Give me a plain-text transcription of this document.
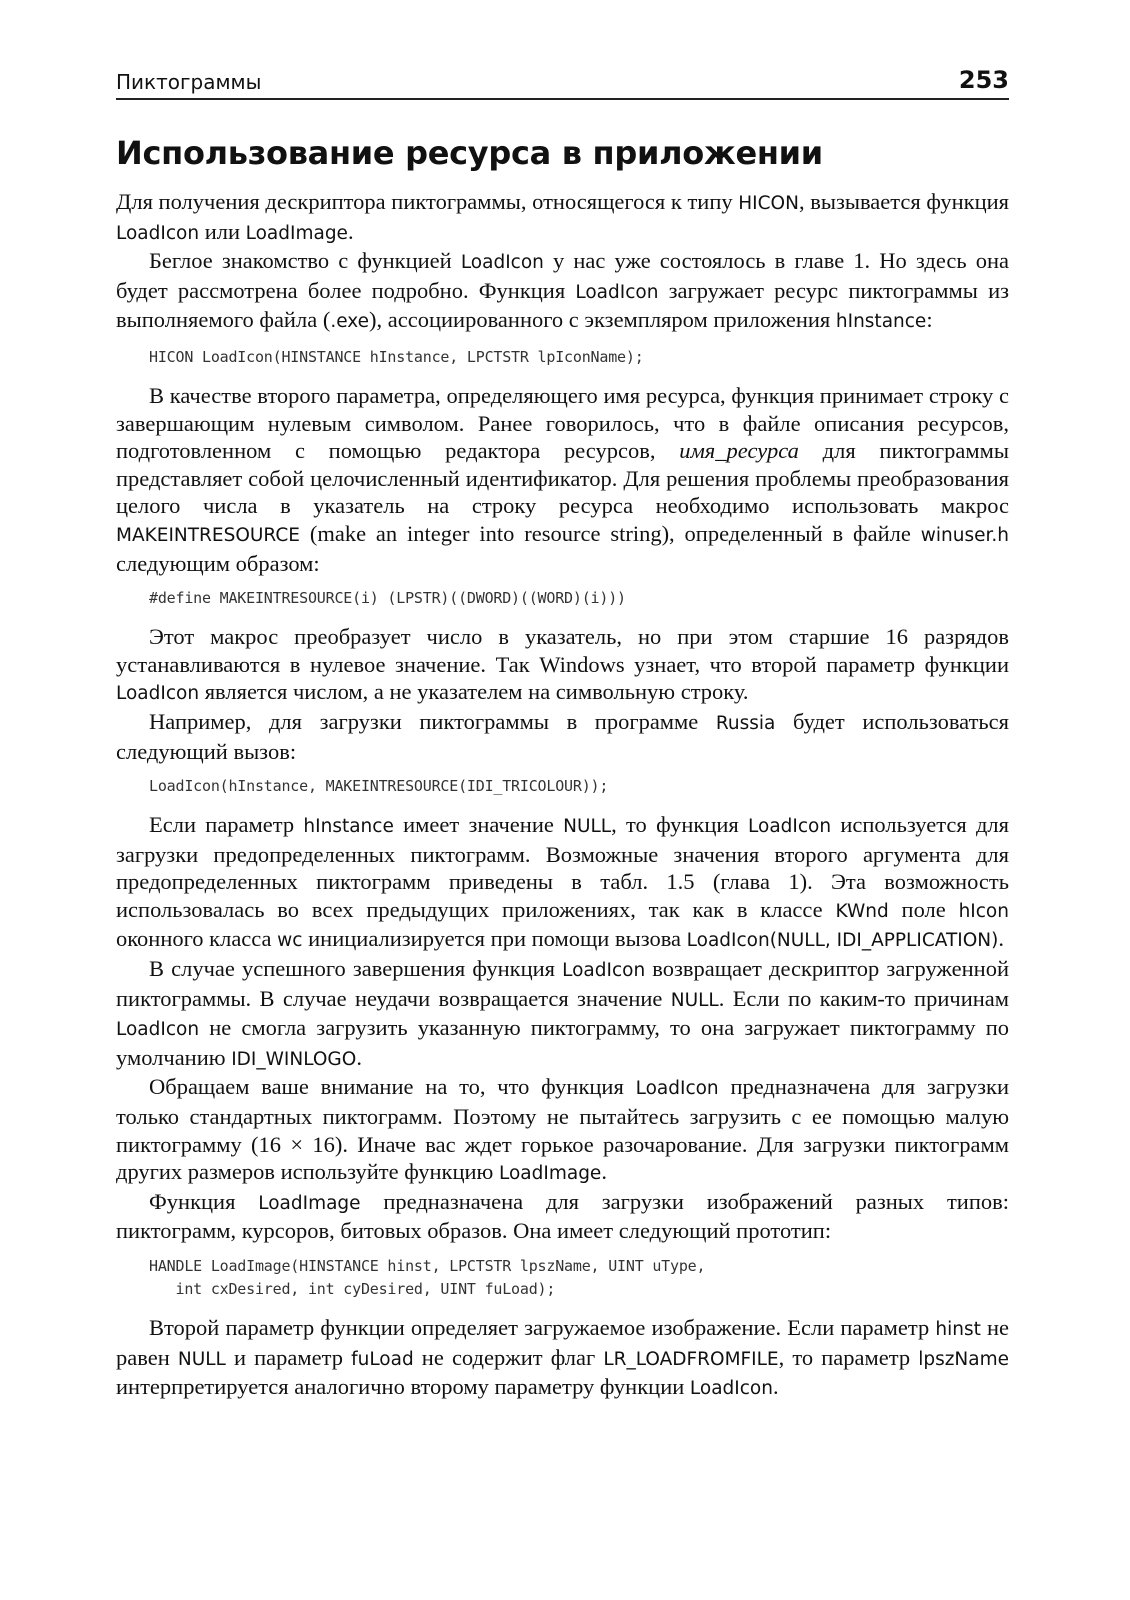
Пиктограммы	253
Использование ресурса в приложении

Для получения дескриптора пиктограммы, относящегося к типу HICON, вызывается функция LoadIcon или LoadImage.

Беглое знакомство с функцией LoadIcon у нас уже состоялось в главе 1. Но здесь она будет рассмотрена более подробно. Функция LoadIcon загружает ресурс пиктограммы из выполняемого файла (.exe), ассоциированного с экземпляром приложения hInstance:

HICON LoadIcon(HINSTANCE hInstance, LPCTSTR lpIconName);

В качестве второго параметра, определяющего имя ресурса, функция принимает строку с завершающим нулевым символом. Ранее говорилось, что в файле описания ресурсов, подготовленном с помощью редактора ресурсов, имя_ресурса для пиктограммы представляет собой целочисленный идентификатор. Для решения проблемы преобразования целого числа в указатель на строку ресурса необходимо использовать макрос MAKEINTRESOURCE (make an integer into resource string), определенный в файле winuser.h следующим образом:

#define MAKEINTRESOURCE(i) (LPSTR)((DWORD)((WORD)(i)))

Этот макрос преобразует число в указатель, но при этом старшие 16 разрядов устанавливаются в нулевое значение. Так Windows узнает, что второй параметр функции LoadIcon является числом, а не указателем на символьную строку.

Например, для загрузки пиктограммы в программе Russia будет использоваться следующий вызов:

LoadIcon(hInstance, MAKEINTRESOURCE(IDI_TRICOLOUR));

Если параметр hInstance имеет значение NULL, то функция LoadIcon используется для загрузки предопределенных пиктограмм. Возможные значения второго аргумента для предопределенных пиктограмм приведены в табл. 1.5 (глава 1). Эта возможность использовалась во всех предыдущих приложениях, так как в классе KWnd поле hIcon оконного класса wc инициализируется при помощи вызова LoadIcon(NULL, IDI_APPLICATION).

В случае успешного завершения функция LoadIcon возвращает дескриптор загруженной пиктограммы. В случае неудачи возвращается значение NULL. Если по каким-то причинам LoadIcon не смогла загрузить указанную пиктограмму, то она загружает пиктограмму по умолчанию IDI_WINLOGO.

Обращаем ваше внимание на то, что функция LoadIcon предназначена для загрузки только стандартных пиктограмм. Поэтому не пытайтесь загрузить с ее помощью малую пиктограмму (16 × 16). Иначе вас ждет горькое разочарование. Для загрузки пиктограмм других размеров используйте функцию LoadImage.

Функция LoadImage предназначена для загрузки изображений разных типов: пиктограмм, курсоров, битовых образов. Она имеет следующий прототип:

HANDLE LoadImage(HINSTANCE hinst, LPCTSTR lpszName, UINT uType,
int cxDesired, int cyDesired, UINT fuLoad);

Второй параметр функции определяет загружаемое изображение. Если параметр hinst не равен NULL и параметр fuLoad не содержит флаг LR_LOADFROMFILE, то параметр lpszName интерпретируется аналогично второму параметру функции LoadIcon.
